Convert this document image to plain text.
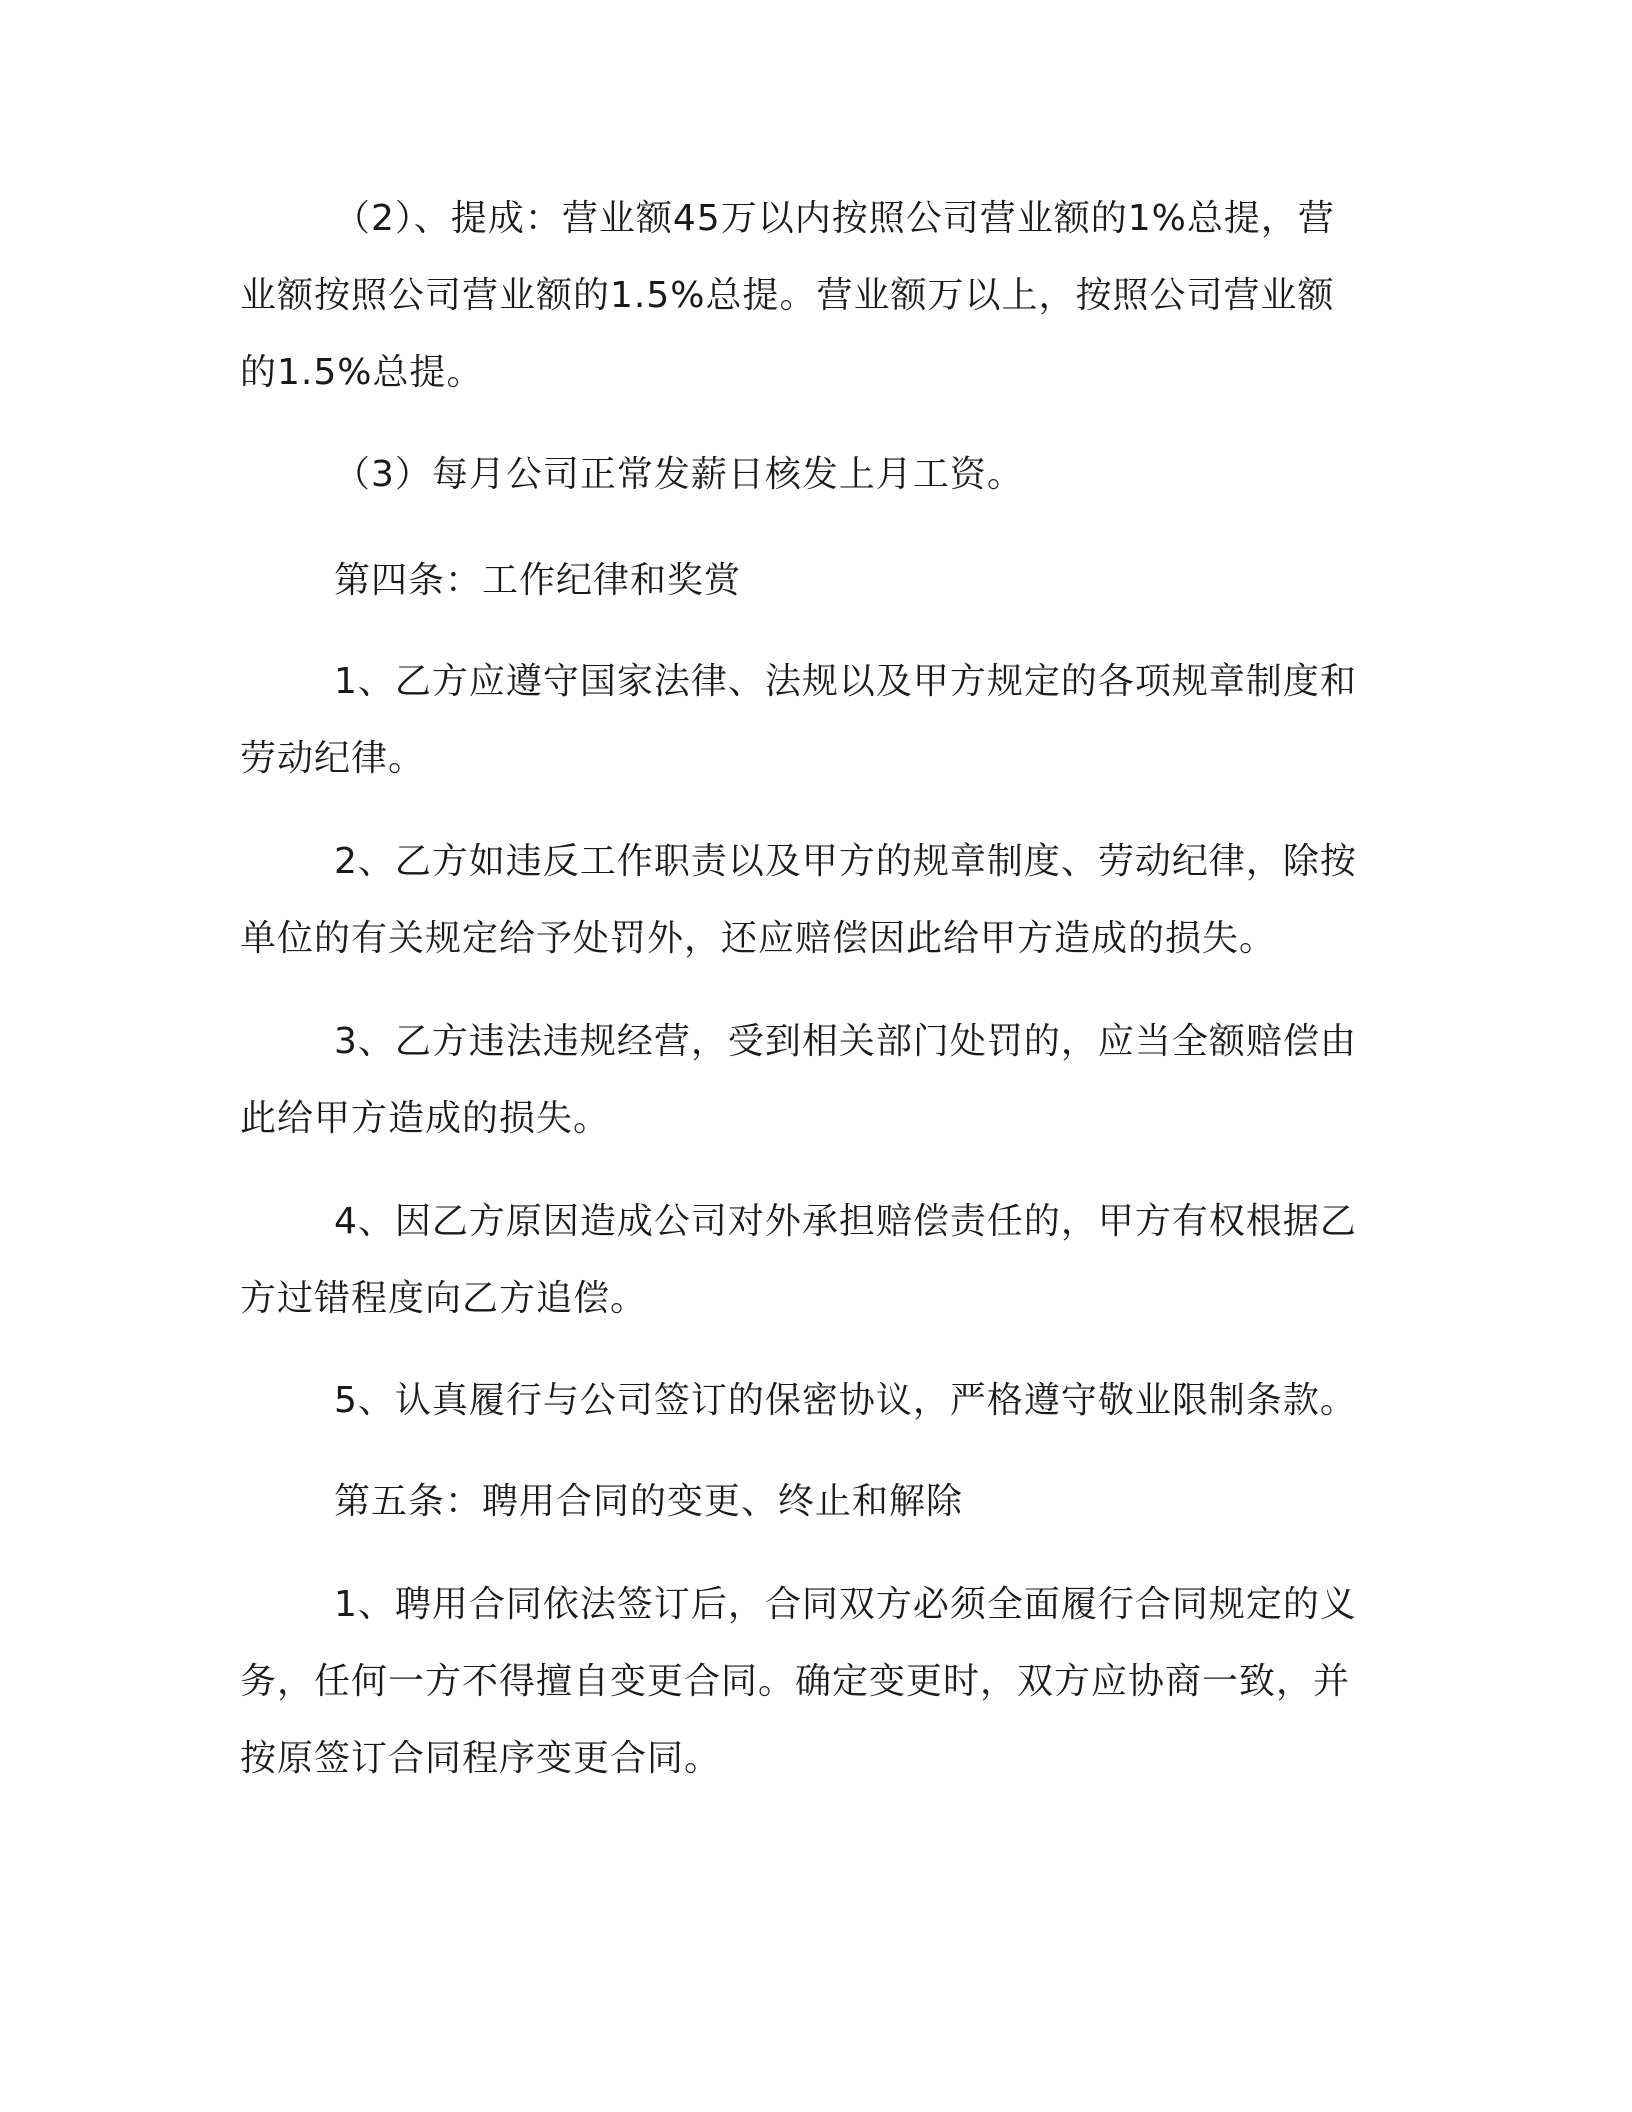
（2）、提成：营业额45万以内按照公司营业额的1%总提，营业额按照公司营业额的1.5%总提。营业额万以上，按照公司营业额的1.5%总提。

（3）每月公司正常发薪日核发上月工资。

第四条：工作纪律和奖赏

1、乙方应遵守国家法律、法规以及甲方规定的各项规章制度和劳动纪律。

2、乙方如违反工作职责以及甲方的规章制度、劳动纪律，除按单位的有关规定给予处罚外，还应赔偿因此给甲方造成的损失。

3、乙方违法违规经营，受到相关部门处罚的，应当全额赔偿由此给甲方造成的损失。

4、因乙方原因造成公司对外承担赔偿责任的，甲方有权根据乙方过错程度向乙方追偿。

5、认真履行与公司签订的保密协议，严格遵守敬业限制条款。

第五条：聘用合同的变更、终止和解除

1、聘用合同依法签订后，合同双方必须全面履行合同规定的义务，任何一方不得擅自变更合同。确定变更时，双方应协商一致，并按原签订合同程序变更合同。
